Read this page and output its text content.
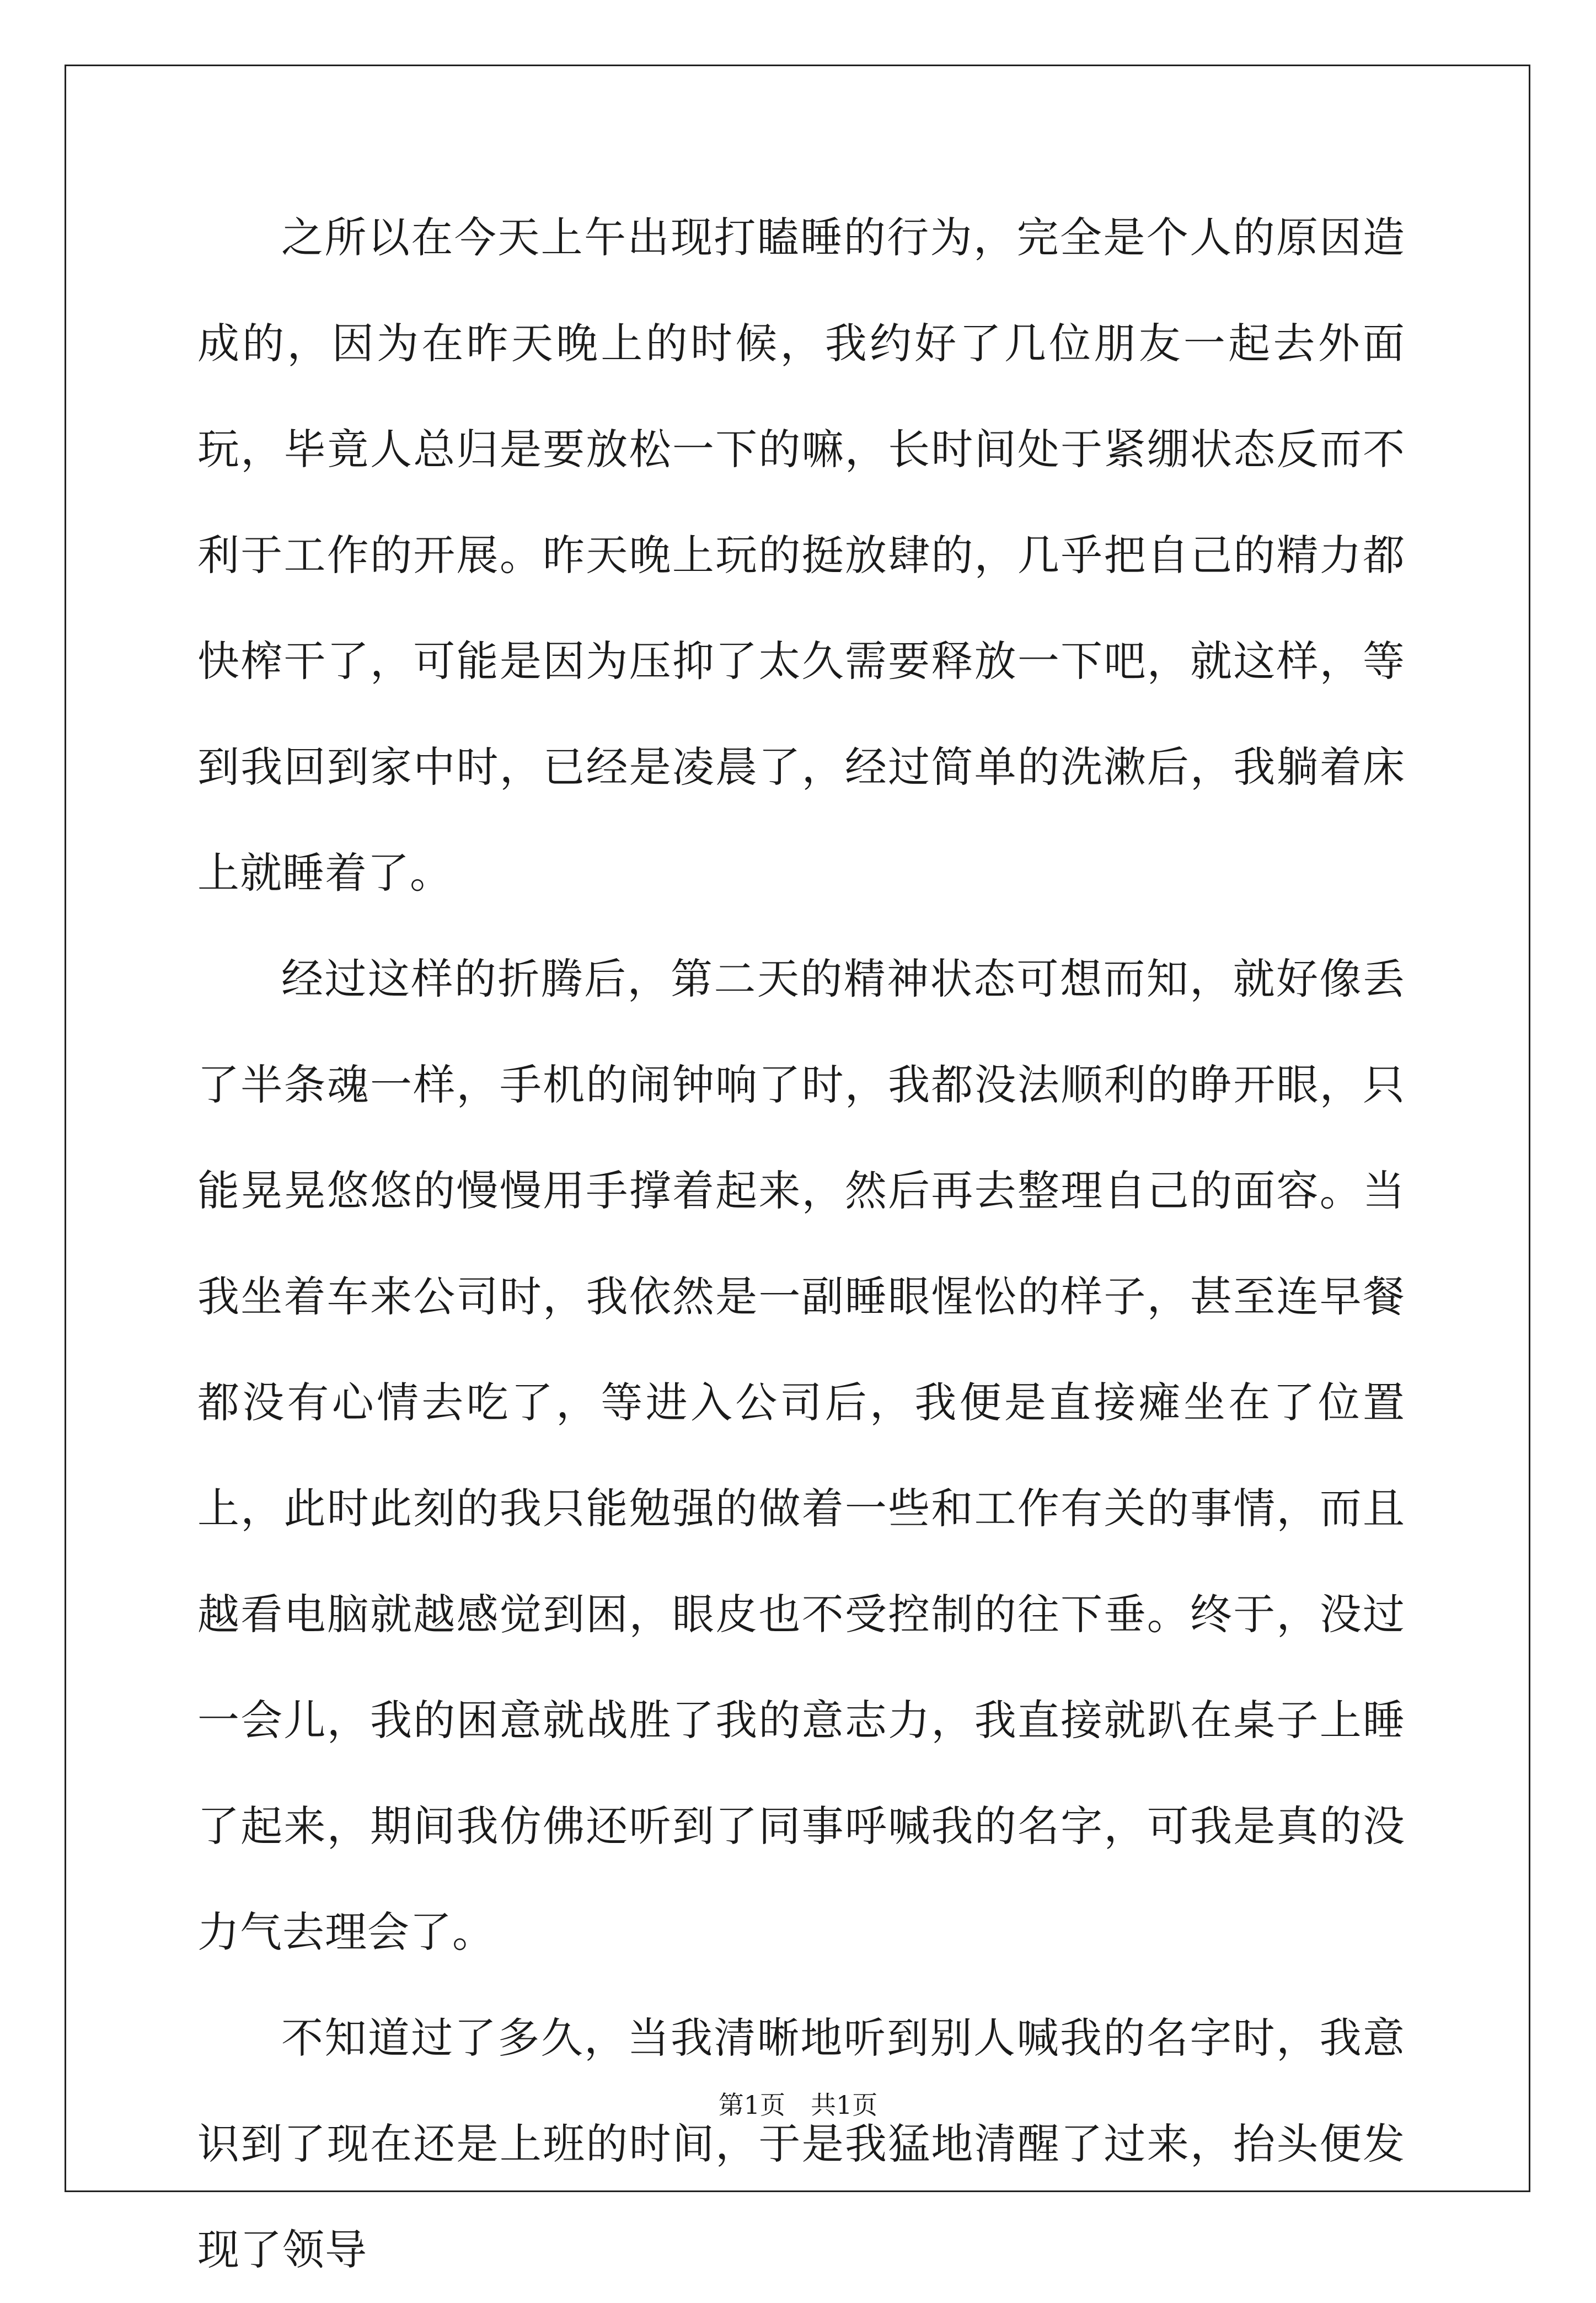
之所以在今天上午出现打瞌睡的行为，完全是个人的原因造成的，因为在昨天晚上的时候，我约好了几位朋友一起去外面玩，毕竟人总归是要放松一下的嘛，长时间处于紧绷状态反而不利于工作的开展。昨天晚上玩的挺放肆的，几乎把自己的精力都快榨干了，可能是因为压抑了太久需要释放一下吧，就这样，等到我回到家中时，已经是凌晨了，经过简单的洗漱后，我躺着床上就睡着了。

经过这样的折腾后，第二天的精神状态可想而知，就好像丢了半条魂一样，手机的闹钟响了时，我都没法顺利的睁开眼，只能晃晃悠悠的慢慢用手撑着起来，然后再去整理自己的面容。当我坐着车来公司时，我依然是一副睡眼惺忪的样子，甚至连早餐都没有心情去吃了，等进入公司后，我便是直接瘫坐在了位置上，此时此刻的我只能勉强的做着一些和工作有关的事情，而且越看电脑就越感觉到困，眼皮也不受控制的往下垂。终于，没过一会儿，我的困意就战胜了我的意志力，我直接就趴在桌子上睡了起来，期间我仿佛还听到了同事呼喊我的名字，可我是真的没力气去理会了。

不知道过了多久，当我清晰地听到别人喊我的名字时，我意识到了现在还是上班的时间，于是我猛地清醒了过来，抬头便发现了领导

第1页　共1页
